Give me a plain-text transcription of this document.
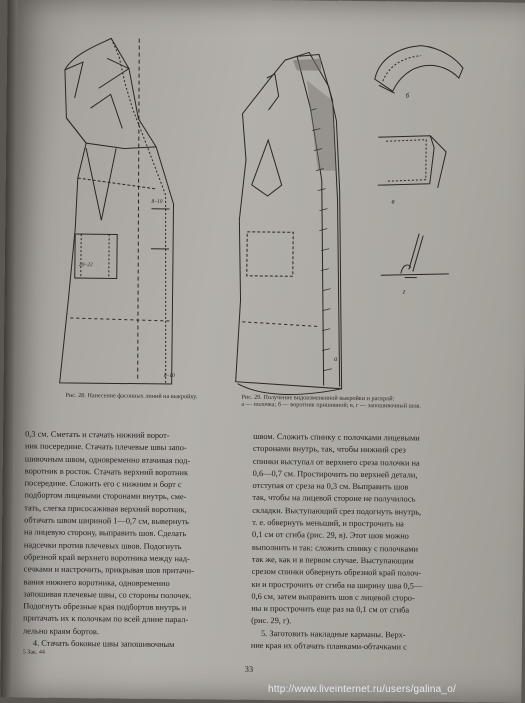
б
в
г
а
8–10
20–22
8–10
Рис. 28. Нанесение фасонных линий на выкройку.	Рис. 29. Получение видоизмененной выкройки и раскрой:
а — полочка; б — воротник пришивной; в, г — запошивочный шов.

0,3 см. Сметать и стачать нижний ворот-

ник посередине. Стачать плечевые швы запо-

шивочным швом, одновременно втачивая под-

воротник в росток. Стачать верхний воротник

посередине. Сложить его с нижним и борт с

подбортом лицевыми сторонами внутрь, сме-

тать, слегка присосаживая верхний воротник,

обтачать швом шириной 1—0,7 см, вывернуть

на лицевую сторону, выправить шов. Сделать

надсечки против плечевых швов. Подогнуть

обрезной край верхнего воротника между над-

сечками и настрочить, прикрывая шов притачи-

вания нижнего воротника, одновременно

запошивая плечевые швы, со стороны полочек.

Подогнуть обрезные края подбортов внутрь и

притачать их к полочкам по всей длине парал-

лельно краям бортов.

4. Стачать боковые швы запошивочным

швом. Сложить спинку с полочками лицевыми

сторонами внутрь, так, чтобы нижний срез

спинки выступал от верхнего среза полочки на

0,6—0,7 см. Простирочить по верхней детали,

отступая от среза на 0,3 см. Выправить шов

так, чтобы на лицевой стороне не получилось

складки. Выступающий срез подогнуть внутрь,

т. е. обвернуть меньший, и прострочить на

0,1 см от сгиба (рис. 29, в). Этот шов можно

выполнить и так: сложить спинку с полочками

так же, как и в первом случае. Выступающим

срезом спинки обвернуть обрезной край полоч-

ки и прострочить от сгиба на ширину шва 0,5—

0,6 см, затем выправить шов с лицевой сторо-

ны и прострочить еще раз на 0,1 см от сгиба

(рис. 29, г).

5. Заготовить накладные карманы. Верх-

ние края их обтачать планками-обтачками с

5 Зак. 44
33
http://www.liveinternet.ru/users/galina_o/
